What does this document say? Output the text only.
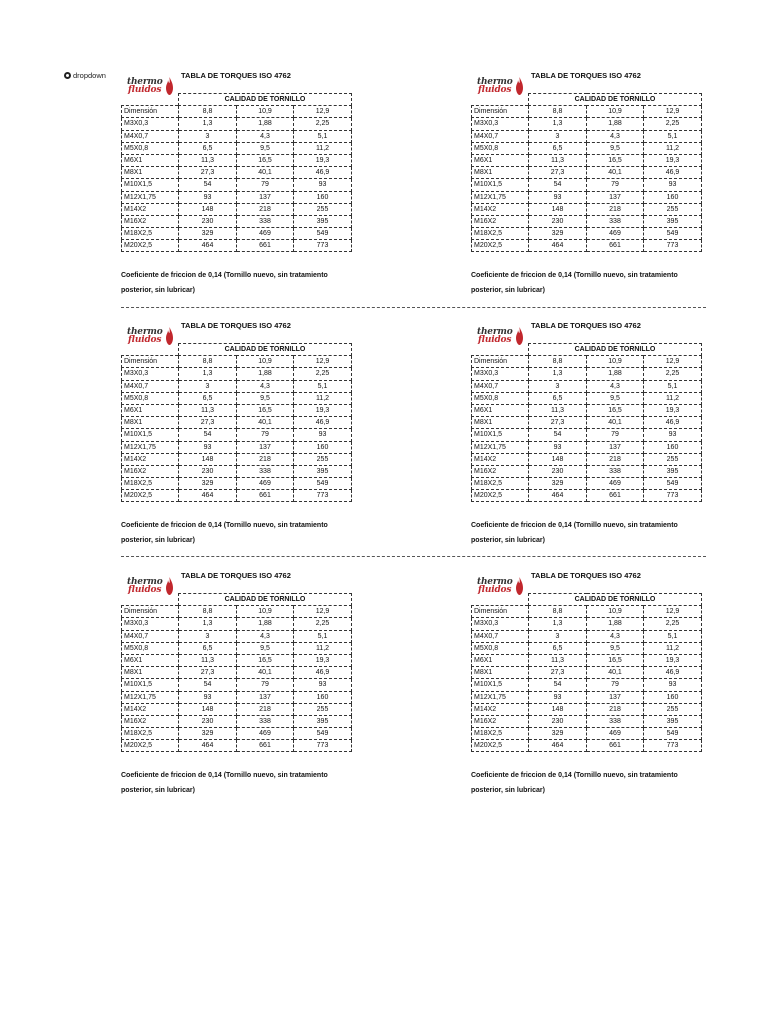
dropdown
thermo
fluidos
TABLA DE TORQUES ISO 4762
	CALIDAD DE TORNILLO		
Dimensión	8,8	10,9	12,9
M3X0,3	1,3	1,88	2,25
M4X0,7	3	4,3	5,1
M5X0,8	6,5	9,5	11,2
M6X1	11,3	16,5	19,3
M8X1	27,3	40,1	46,9
M10X1,5	54	79	93
M12X1,75	93	137	160
M14X2	148	218	255
M16X2	230	338	395
M18X2,5	329	469	549
M20X2,5	464	661	773
Coeficiente de friccion de 0,14 (Tornillo nuevo, sin tratamiento posterior, sin lubricar)
thermo
fluidos
TABLA DE TORQUES ISO 4762
	CALIDAD DE TORNILLO		
Dimensión	8,8	10,9	12,9
M3X0,3	1,3	1,88	2,25
M4X0,7	3	4,3	5,1
M5X0,8	6,5	9,5	11,2
M6X1	11,3	16,5	19,3
M8X1	27,3	40,1	46,9
M10X1,5	54	79	93
M12X1,75	93	137	160
M14X2	148	218	255
M16X2	230	338	395
M18X2,5	329	469	549
M20X2,5	464	661	773
Coeficiente de friccion de 0,14 (Tornillo nuevo, sin tratamiento posterior, sin lubricar)
thermo
fluidos
TABLA DE TORQUES ISO 4762
	CALIDAD DE TORNILLO		
Dimensión	8,8	10,9	12,9
M3X0,3	1,3	1,88	2,25
M4X0,7	3	4,3	5,1
M5X0,8	6,5	9,5	11,2
M6X1	11,3	16,5	19,3
M8X1	27,3	40,1	46,9
M10X1,5	54	79	93
M12X1,75	93	137	160
M14X2	148	218	255
M16X2	230	338	395
M18X2,5	329	469	549
M20X2,5	464	661	773
Coeficiente de friccion de 0,14 (Tornillo nuevo, sin tratamiento posterior, sin lubricar)
thermo
fluidos
TABLA DE TORQUES ISO 4762
	CALIDAD DE TORNILLO		
Dimensión	8,8	10,9	12,9
M3X0,3	1,3	1,88	2,25
M4X0,7	3	4,3	5,1
M5X0,8	6,5	9,5	11,2
M6X1	11,3	16,5	19,3
M8X1	27,3	40,1	46,9
M10X1,5	54	79	93
M12X1,75	93	137	160
M14X2	148	218	255
M16X2	230	338	395
M18X2,5	329	469	549
M20X2,5	464	661	773
Coeficiente de friccion de 0,14 (Tornillo nuevo, sin tratamiento posterior, sin lubricar)
thermo
fluidos
TABLA DE TORQUES ISO 4762
	CALIDAD DE TORNILLO		
Dimensión	8,8	10,9	12,9
M3X0,3	1,3	1,88	2,25
M4X0,7	3	4,3	5,1
M5X0,8	6,5	9,5	11,2
M6X1	11,3	16,5	19,3
M8X1	27,3	40,1	46,9
M10X1,5	54	79	93
M12X1,75	93	137	160
M14X2	148	218	255
M16X2	230	338	395
M18X2,5	329	469	549
M20X2,5	464	661	773
Coeficiente de friccion de 0,14 (Tornillo nuevo, sin tratamiento posterior, sin lubricar)
thermo
fluidos
TABLA DE TORQUES ISO 4762
	CALIDAD DE TORNILLO		
Dimensión	8,8	10,9	12,9
M3X0,3	1,3	1,88	2,25
M4X0,7	3	4,3	5,1
M5X0,8	6,5	9,5	11,2
M6X1	11,3	16,5	19,3
M8X1	27,3	40,1	46,9
M10X1,5	54	79	93
M12X1,75	93	137	160
M14X2	148	218	255
M16X2	230	338	395
M18X2,5	329	469	549
M20X2,5	464	661	773
Coeficiente de friccion de 0,14 (Tornillo nuevo, sin tratamiento posterior, sin lubricar)
